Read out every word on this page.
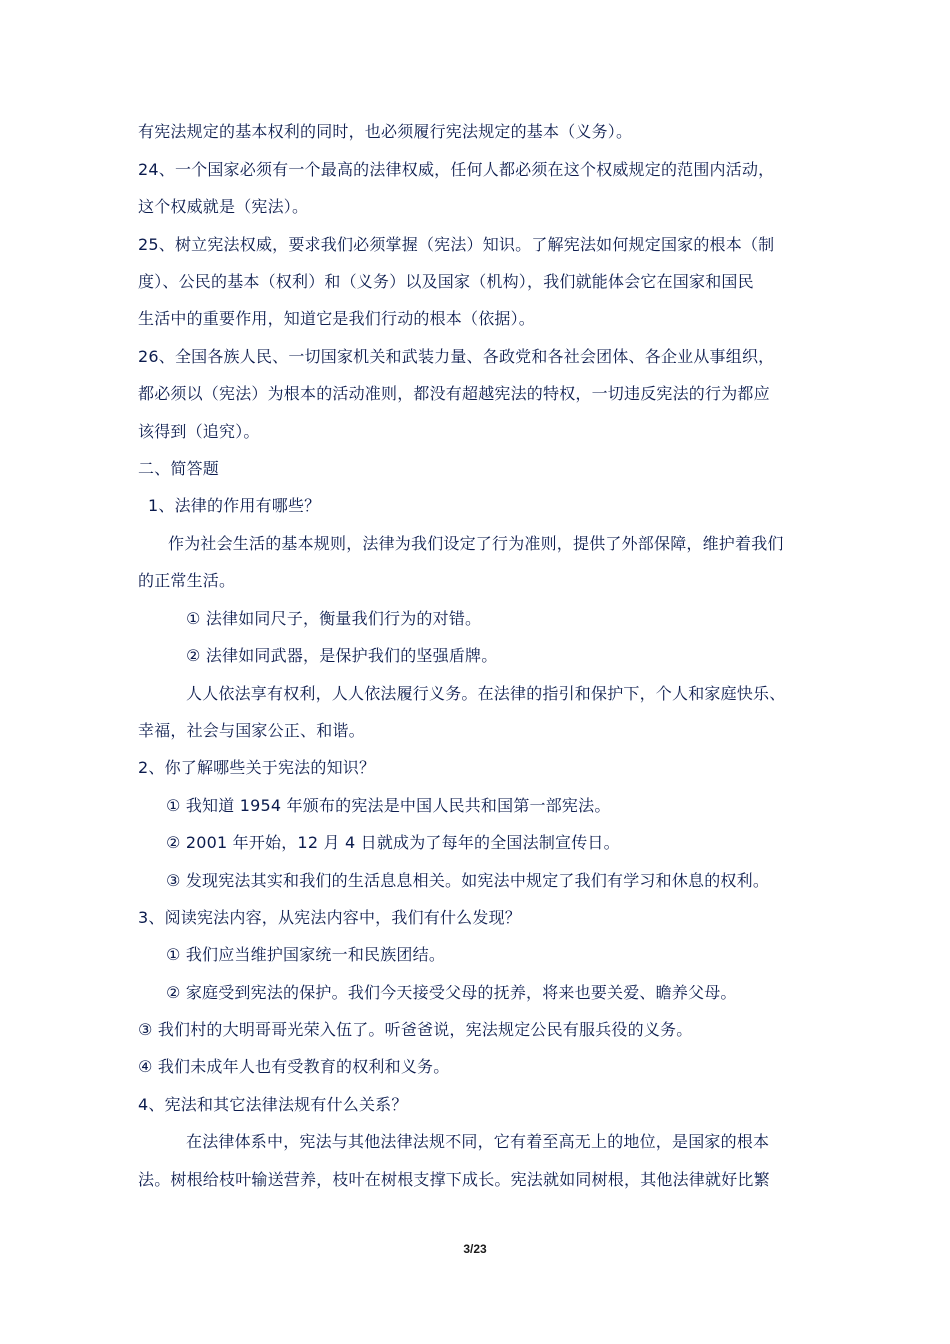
有宪法规定的基本权利的同时，也必须履行宪法规定的基本（义务）。
24、一个国家必须有一个最高的法律权威，任何人都必须在这个权威规定的范围内活动，
这个权威就是（宪法）。
25、树立宪法权威，要求我们必须掌握（宪法）知识。了解宪法如何规定国家的根本（制
度）、公民的基本（权利）和（义务）以及国家（机构），我们就能体会它在国家和国民
生活中的重要作用，知道它是我们行动的根本（依据）。
26、全国各族人民、一切国家机关和武装力量、各政党和各社会团体、各企业从事组织，
都必须以（宪法）为根本的活动准则，都没有超越宪法的特权，一切违反宪法的行为都应
该得到（追究）。
二、简答题
1、法律的作用有哪些？
作为社会生活的基本规则，法律为我们设定了行为准则，提供了外部保障，维护着我们
的正常生活。
① 法律如同尺子，衡量我们行为的对错。
② 法律如同武器，是保护我们的坚强盾牌。
人人依法享有权利，人人依法履行义务。在法律的指引和保护下，个人和家庭快乐、
幸福，社会与国家公正、和谐。
2、你了解哪些关于宪法的知识？
① 我知道 1954 年颁布的宪法是中国人民共和国第一部宪法。
② 2001 年开始，12 月 4 日就成为了每年的全国法制宣传日。
③ 发现宪法其实和我们的生活息息相关。如宪法中规定了我们有学习和休息的权利。
3、阅读宪法内容，从宪法内容中，我们有什么发现？
① 我们应当维护国家统一和民族团结。
② 家庭受到宪法的保护。我们今天接受父母的抚养，将来也要关爱、瞻养父母。
③ 我们村的大明哥哥光荣入伍了。听爸爸说，宪法规定公民有服兵役的义务。
④ 我们未成年人也有受教育的权利和义务。
4、宪法和其它法律法规有什么关系？
在法律体系中，宪法与其他法律法规不同，它有着至高无上的地位，是国家的根本
法。树根给枝叶输送营养，枝叶在树根支撑下成长。宪法就如同树根，其他法律就好比繁
3/23
